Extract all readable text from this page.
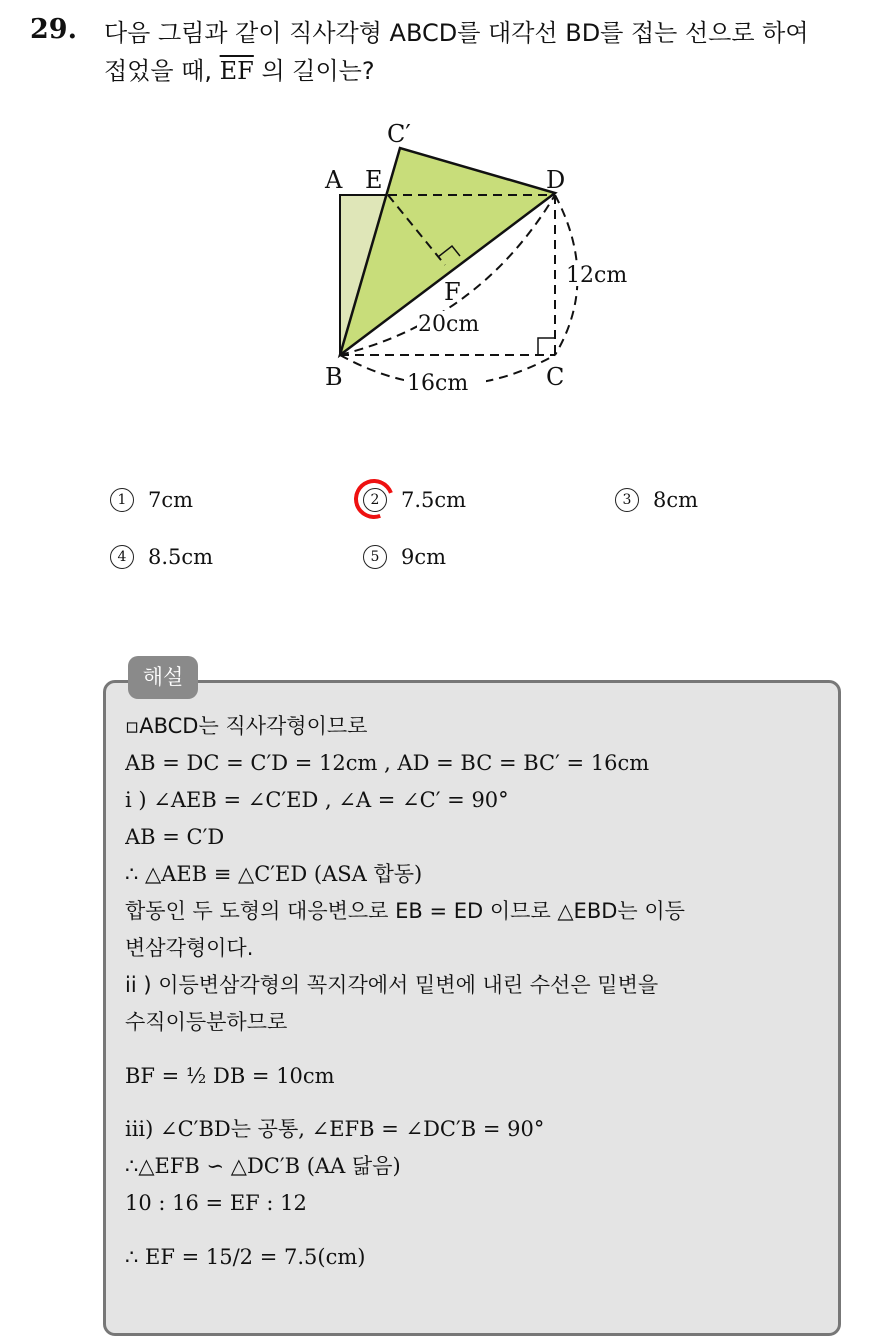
29. 다음 그림과 같이 직사각형 ABCD를 대각선 BD를 접는 선으로 하여
접었을 때, $\overline{EF}$ 의 길이는?
C′
A E	D
F
B	C
12cm
20cm
16cm
1	7cm	2	7.5cm	3	8cm
4	8.5cm	5	9cm
해설
▫ABCD는 직사각형이므로
AB = DC = C′D = 12cm , AD = BC = BC′ = 16cm
i ) ∠AEB = ∠C′ED , ∠A = ∠C′ = 90°
AB = C′D
∴ △AEB ≡ △C′ED (ASA 합동)
합동인 두 도형의 대응변으로 EB = ED 이므로 △EBD는 이등
변삼각형이다.
ii ) 이등변삼각형의 꼭지각에서 밑변에 내린 수선은 밑변을
수직이등분하므로
BF = ½ DB = 10cm
iii) ∠C′BD는 공통, ∠EFB = ∠DC′B = 90°
∴△EFB ∽ △DC′B (AA 닮음)
10 : 16 = EF : 12
∴ EF = 15/2 = 7.5(cm)
